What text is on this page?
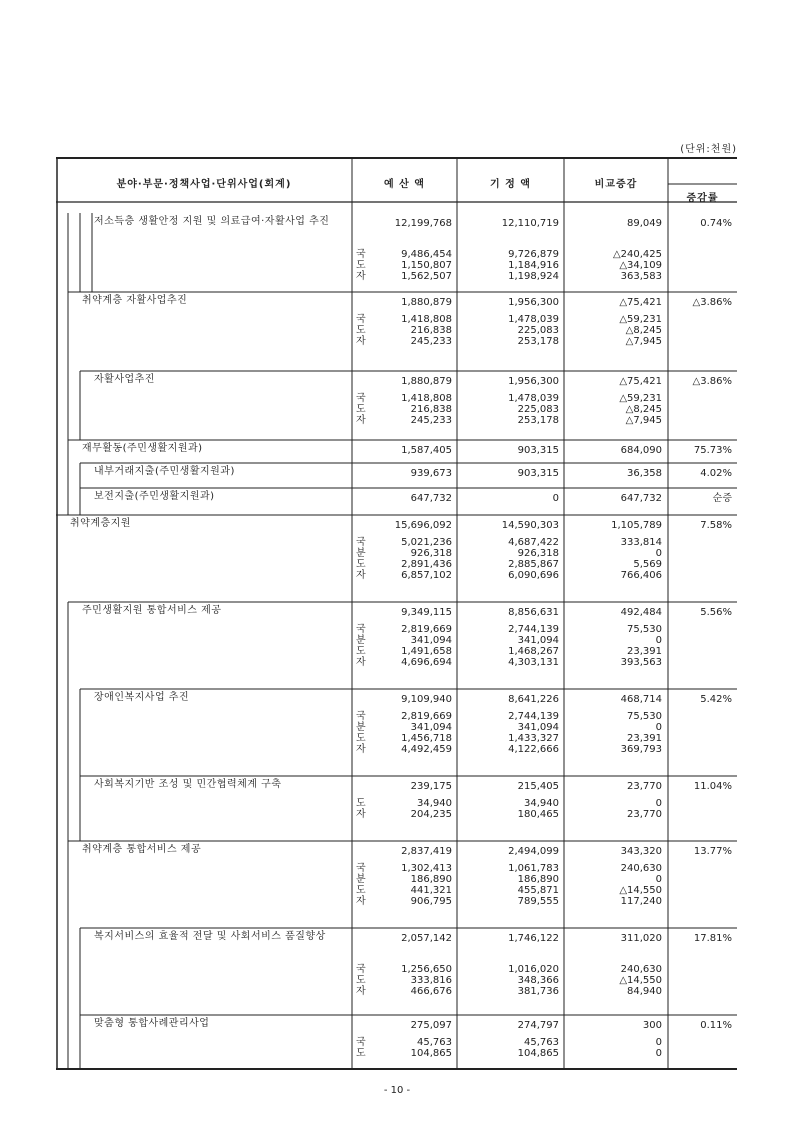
(단위:천원)
분야·부문·정책사업·단위사업(회계)	예 산 액	기 정 액	비교증감
증감률
저소득층 생활안정 지원 및 의료급여·자활사업 추진	12,199,768	12,110,719	89,049	0.74%
국	9,486,454	9,726,879	△240,425
도	1,150,807	1,184,916	△34,109
자	1,562,507	1,198,924	363,583
취약계층 자활사업추진	1,880,879	1,956,300	△75,421	△3.86%
국	1,418,808	1,478,039	△59,231
도	216,838	225,083	△8,245
자	245,233	253,178	△7,945
자활사업추진	1,880,879	1,956,300	△75,421	△3.86%
국	1,418,808	1,478,039	△59,231
도	216,838	225,083	△8,245
자	245,233	253,178	△7,945
재무활동(주민생활지원과)	1,587,405	903,315	684,090	75.73%
내부거래지출(주민생활지원과)	939,673	903,315	36,358	4.02%
보전지출(주민생활지원과)	647,732	0	647,732	순증
취약계층지원	15,696,092	14,590,303	1,105,789	7.58%
국	5,021,236	4,687,422	333,814
분	926,318	926,318	0
도	2,891,436	2,885,867	5,569
자	6,857,102	6,090,696	766,406
주민생활지원 통합서비스 제공	9,349,115	8,856,631	492,484	5.56%
국	2,819,669	2,744,139	75,530
분	341,094	341,094	0
도	1,491,658	1,468,267	23,391
자	4,696,694	4,303,131	393,563
장애인복지사업 추진	9,109,940	8,641,226	468,714	5.42%
국	2,819,669	2,744,139	75,530
분	341,094	341,094	0
도	1,456,718	1,433,327	23,391
자	4,492,459	4,122,666	369,793
사회복지기반 조성 및 민간협력체계 구축	239,175	215,405	23,770	11.04%
도	34,940	34,940	0
자	204,235	180,465	23,770
취약계층 통합서비스 제공	2,837,419	2,494,099	343,320	13.77%
국	1,302,413	1,061,783	240,630
분	186,890	186,890	0
도	441,321	455,871	△14,550
자	906,795	789,555	117,240
복지서비스의 효율적 전달 및 사회서비스 품질향상	2,057,142	1,746,122	311,020	17.81%
국	1,256,650	1,016,020	240,630
도	333,816	348,366	△14,550
자	466,676	381,736	84,940
맞춤형 통합사례관리사업	275,097	274,797	300	0.11%
국	45,763	45,763	0
도	104,865	104,865	0
- 10 -
